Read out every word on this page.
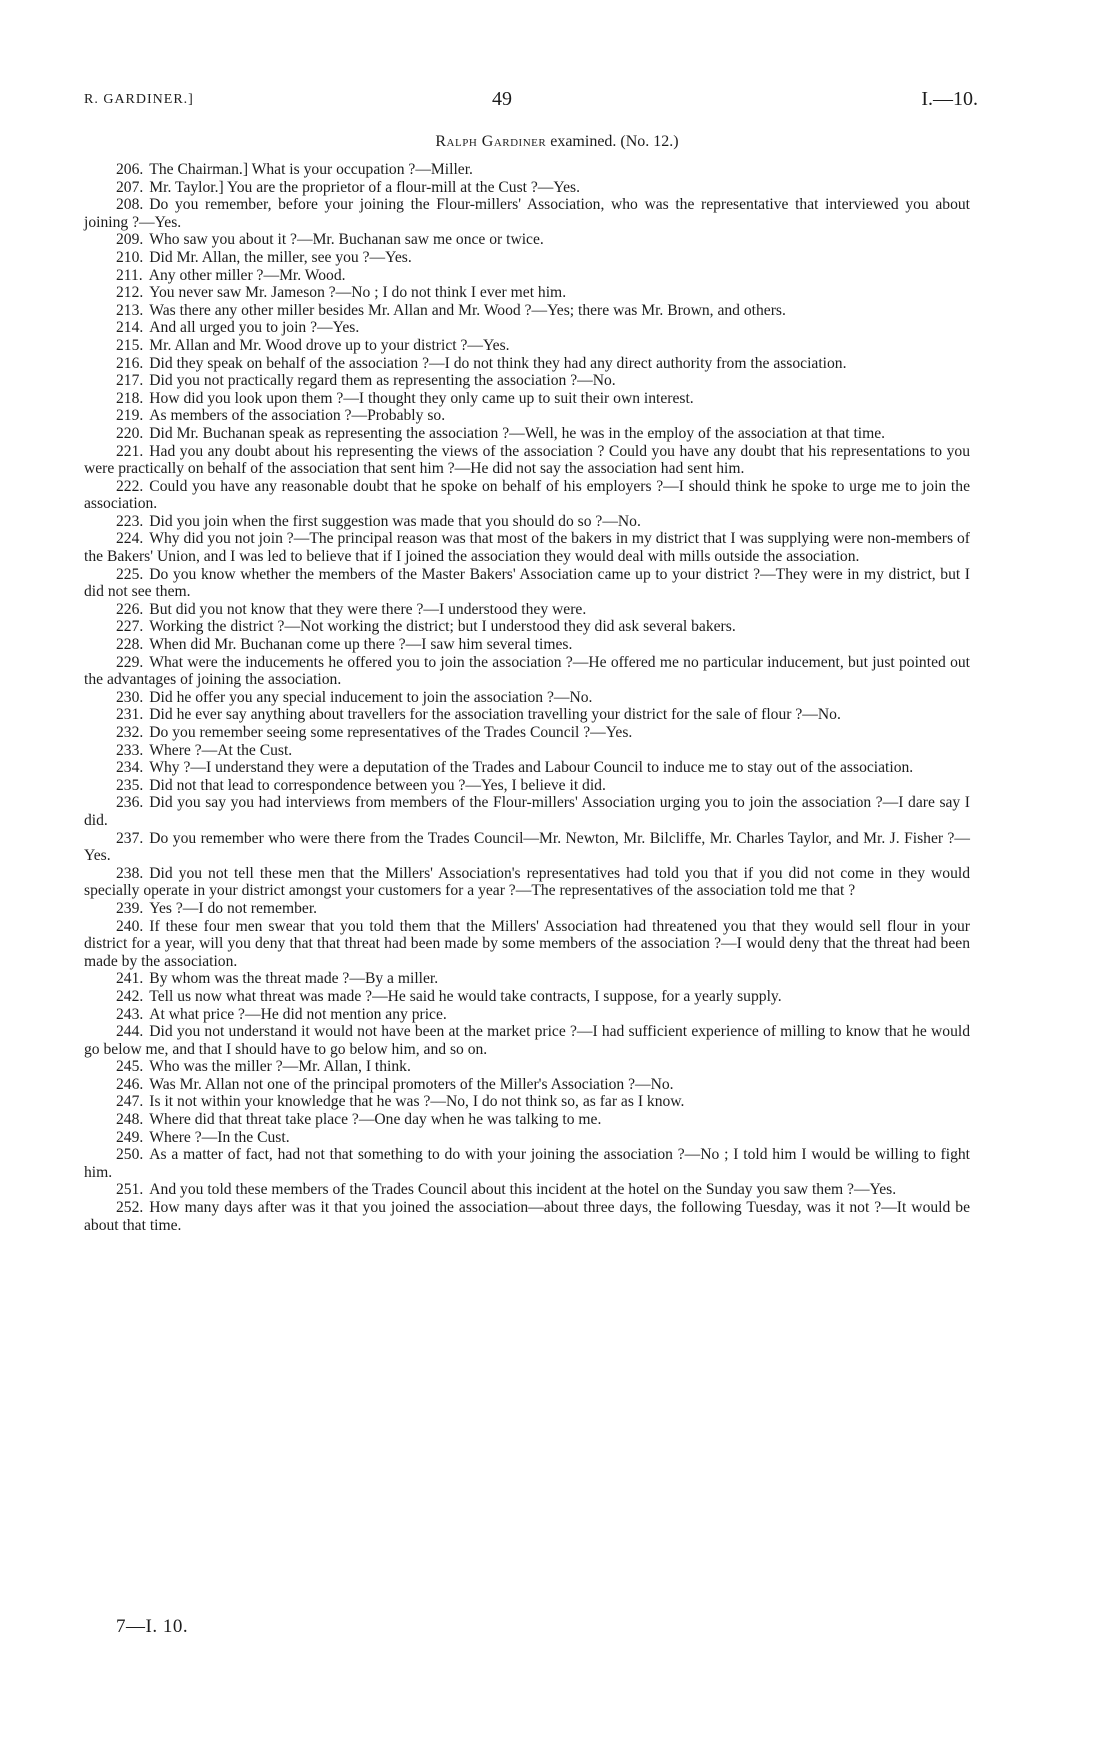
R. GARDINER.]	49	I.—10.
Ralph Gardiner examined. (No. 12.)

206. The Chairman.] What is your occupation ?—Miller.

207. Mr. Taylor.] You are the proprietor of a flour-mill at the Cust ?—Yes.

208. Do you remember, before your joining the Flour-millers' Association, who was the representative that interviewed you about joining ?—Yes.

209. Who saw you about it ?—Mr. Buchanan saw me once or twice.

210. Did Mr. Allan, the miller, see you ?—Yes.

211. Any other miller ?—Mr. Wood.

212. You never saw Mr. Jameson ?—No ; I do not think I ever met him.

213. Was there any other miller besides Mr. Allan and Mr. Wood ?—Yes; there was Mr. Brown, and others.

214. And all urged you to join ?—Yes.

215. Mr. Allan and Mr. Wood drove up to your district ?—Yes.

216. Did they speak on behalf of the association ?—I do not think they had any direct authority from the association.

217. Did you not practically regard them as representing the association ?—No.

218. How did you look upon them ?—I thought they only came up to suit their own interest.

219. As members of the association ?—Probably so.

220. Did Mr. Buchanan speak as representing the association ?—Well, he was in the employ of the association at that time.

221. Had you any doubt about his representing the views of the association ? Could you have any doubt that his representations to you were practically on behalf of the association that sent him ?—He did not say the association had sent him.

222. Could you have any reasonable doubt that he spoke on behalf of his employers ?—I should think he spoke to urge me to join the association.

223. Did you join when the first suggestion was made that you should do so ?—No.

224. Why did you not join ?—The principal reason was that most of the bakers in my district that I was supplying were non-members of the Bakers' Union, and I was led to believe that if I joined the association they would deal with mills outside the association.

225. Do you know whether the members of the Master Bakers' Association came up to your district ?—They were in my district, but I did not see them.

226. But did you not know that they were there ?—I understood they were.

227. Working the district ?—Not working the district; but I understood they did ask several bakers.

228. When did Mr. Buchanan come up there ?—I saw him several times.

229. What were the inducements he offered you to join the association ?—He offered me no particular inducement, but just pointed out the advantages of joining the association.

230. Did he offer you any special inducement to join the association ?—No.

231. Did he ever say anything about travellers for the association travelling your district for the sale of flour ?—No.

232. Do you remember seeing some representatives of the Trades Council ?—Yes.

233. Where ?—At the Cust.

234. Why ?—I understand they were a deputation of the Trades and Labour Council to induce me to stay out of the association.

235. Did not that lead to correspondence between you ?—Yes, I believe it did.

236. Did you say you had interviews from members of the Flour-millers' Association urging you to join the association ?—I dare say I did.

237. Do you remember who were there from the Trades Council—Mr. Newton, Mr. Bilcliffe, Mr. Charles Taylor, and Mr. J. Fisher ?—Yes.

238. Did you not tell these men that the Millers' Association's representatives had told you that if you did not come in they would specially operate in your district amongst your customers for a year ?—The representatives of the association told me that ?

239. Yes ?—I do not remember.

240. If these four men swear that you told them that the Millers' Association had threatened you that they would sell flour in your district for a year, will you deny that that threat had been made by some members of the association ?—I would deny that the threat had been made by the association.

241. By whom was the threat made ?—By a miller.

242. Tell us now what threat was made ?—He said he would take contracts, I suppose, for a yearly supply.

243. At what price ?—He did not mention any price.

244. Did you not understand it would not have been at the market price ?—I had sufficient experience of milling to know that he would go below me, and that I should have to go below him, and so on.

245. Who was the miller ?—Mr. Allan, I think.

246. Was Mr. Allan not one of the principal promoters of the Miller's Association ?—No.

247. Is it not within your knowledge that he was ?—No, I do not think so, as far as I know.

248. Where did that threat take place ?—One day when he was talking to me.

249. Where ?—In the Cust.

250. As a matter of fact, had not that something to do with your joining the association ?—No ; I told him I would be willing to fight him.

251. And you told these members of the Trades Council about this incident at the hotel on the Sunday you saw them ?—Yes.

252. How many days after was it that you joined the association—about three days, the following Tuesday, was it not ?—It would be about that time.

7—I. 10.
